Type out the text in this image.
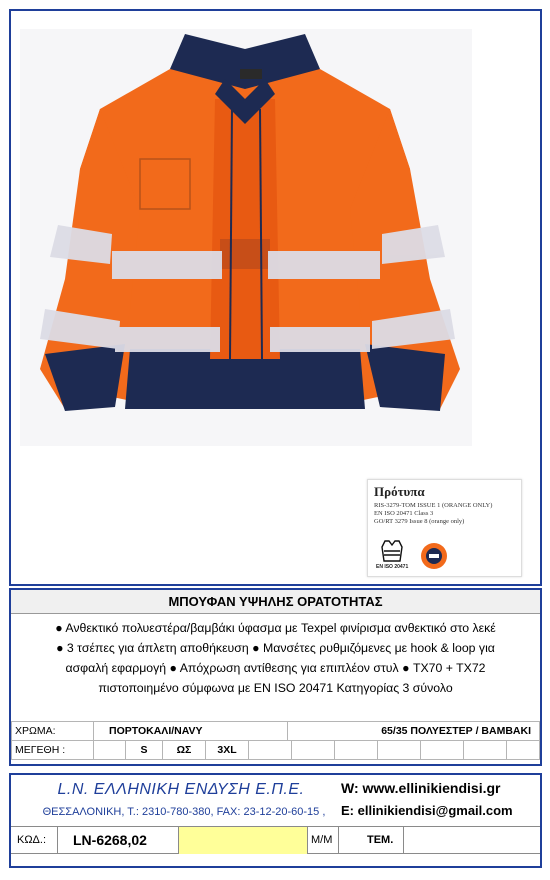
Πρότυπα
RIS-3279-TOM ISSUE 1 (ORANGE ONLY)
EN ISO 20471 Class 3
GO/RT 3279 Issue 8 (orange only)
EN ISO 20471
ΜΠΟΥΦΑΝ ΥΨΗΛΗΣ ΟΡΑΤΟΤΗΤΑΣ
● Ανθεκτικό πολυεστέρα/βαμβάκι ύφασμα με Texpel φινίρισμα ανθεκτικό στο λεκέ
● 3 τσέπες για άπλετη αποθήκευση ● Μανσέτες ρυθμιζόμενες με hook & loop για
ασφαλή εφαρμογή ● Απόχρωση αντίθεσης για επιπλέον στυλ ● TX70 + TX72
πιστοποιημένο σύμφωνα με EN ISO 20471 Κατηγορίας 3 σύνολο
ΧΡΩΜΑ:	ΠΟΡΤΟΚΑΛΙ/NAVY	65/35 ΠΟΛΥΕΣΤΕΡ / ΒΑΜΒΑΚΙ
ΜΕΓΕΘΗ :		S	ΩΣ	3XL							
L.N. ΕΛΛΗΝΙΚΗ ΕΝΔΥΣΗ Ε.Π.Ε.
ΘΕΣΣΑΛΟΝΙΚΗ, Τ.: 2310-780-380, FAX: 23-12-20-60-15 ,
W: www.ellinikiendisi.gr
E: ellinikiendisi@gmail.com
ΚΩΔ.: LN-6268,02	Μ/Μ	ΤΕΜ.
